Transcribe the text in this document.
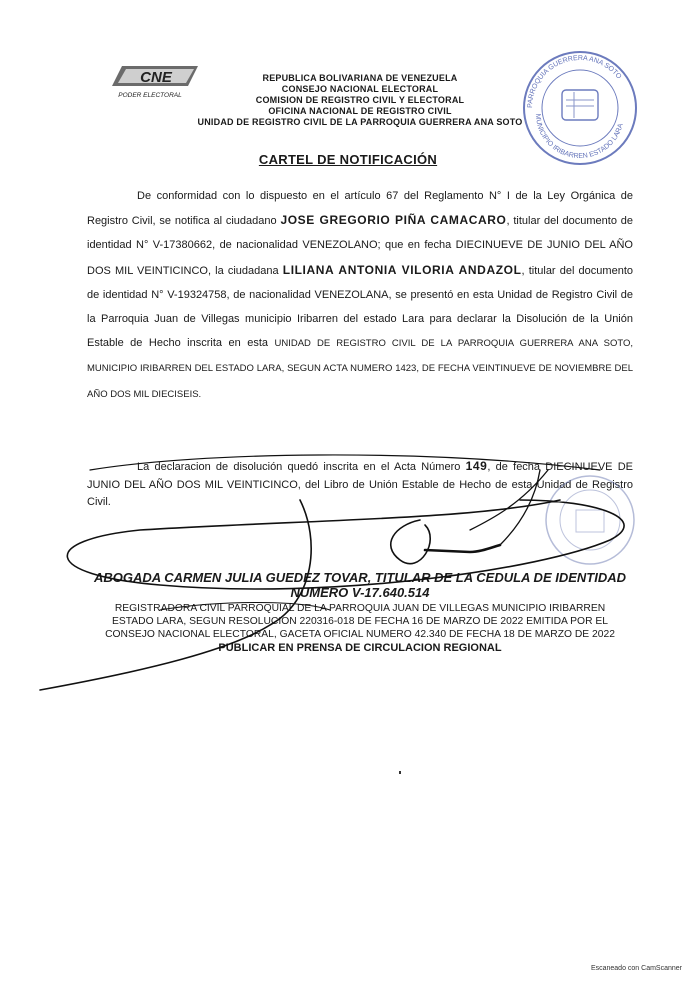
CNE
PODER ELECTORAL
REPUBLICA BOLIVARIANA DE VENEZUELA
CONSEJO NACIONAL ELECTORAL
COMISION DE REGISTRO CIVIL Y ELECTORAL
OFICINA NACIONAL DE REGISTRO CIVIL
UNIDAD DE REGISTRO CIVIL DE LA PARROQUIA GUERRERA ANA SOTO
PARROQUIA GUERRERA ANA SOTO
MUNICIPIO IRIBARREN ESTADO LARA
CARTEL DE NOTIFICACIÓN
De conformidad con lo dispuesto en el artículo 67 del Reglamento N° I de la Ley Orgánica de Registro Civil, se notifica al ciudadano JOSE GREGORIO PIÑA CAMACARO, titular del documento de identidad N° V-17380662, de nacionalidad VENEZOLANO; que en fecha DIECINUEVE DE JUNIO DEL AÑO DOS MIL VEINTICINCO, la ciudadana LILIANA ANTONIA VILORIA ANDAZOL, titular del documento de identidad N° V-19324758, de nacionalidad VENEZOLANA, se presentó en esta Unidad de Registro Civil de la Parroquia Juan de Villegas municipio Iribarren del estado Lara para declarar la Disolución de la Unión Estable de Hecho inscrita en esta UNIDAD DE REGISTRO CIVIL DE LA PARROQUIA GUERRERA ANA SOTO, MUNICIPIO IRIBARREN DEL ESTADO LARA, SEGUN ACTA NUMERO 1423, DE FECHA VEINTINUEVE DE NOVIEMBRE DEL AÑO DOS MIL DIECISEIS.
La declaracion de disolución quedó inscrita en el Acta Número 149, de fecha DIECINUEVE DE JUNIO DEL AÑO DOS MIL VEINTICINCO, del Libro de Unión Estable de Hecho de esta Unidad de Registro Civil.
ABOGADA CARMEN JULIA GUEDEZ TOVAR, TITULAR DE LA CEDULA DE IDENTIDAD NUMERO V-17.640.514
REGISTRADORA CIVIL PARROQUIAL DE LA PARROQUIA JUAN DE VILLEGAS MUNICIPIO IRIBARREN
ESTADO LARA, SEGUN RESOLUCION 220316-018 DE FECHA 16 DE MARZO DE 2022 EMITIDA POR EL
CONSEJO NACIONAL ELECTORAL, GACETA OFICIAL NUMERO 42.340 DE FECHA 18 DE MARZO DE 2022
PUBLICAR EN PRENSA DE CIRCULACION REGIONAL
Escaneado con CamScanner
